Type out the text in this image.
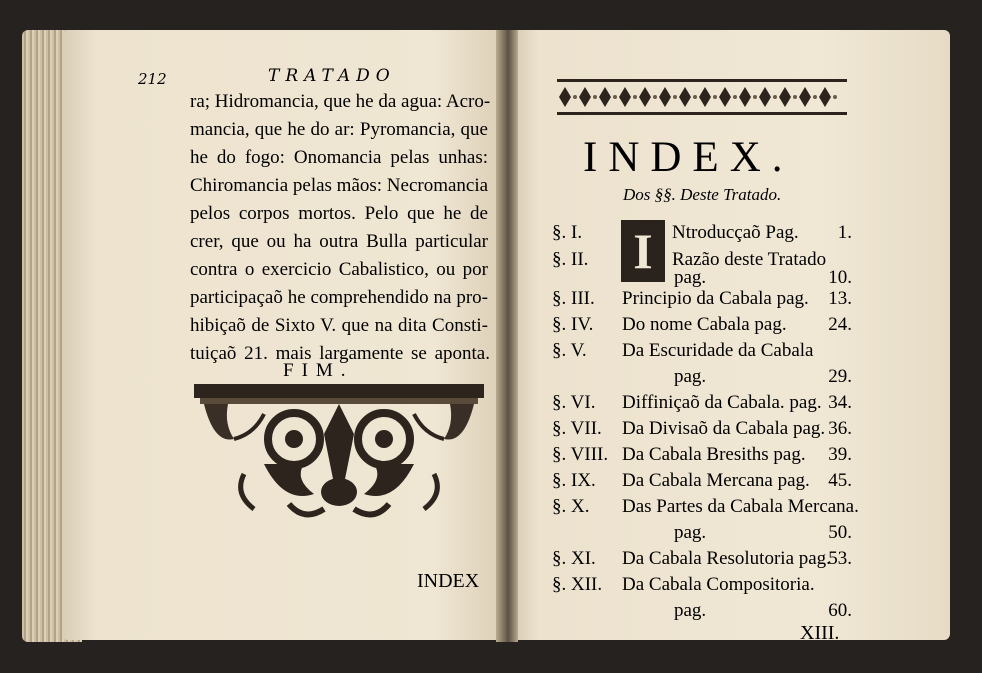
212	TRATADO
ra; Hidromancia, que he da agua: Acro-
mancia, que he do ar: Pyromancia, que
he do fogo: Onomancia pelas unhas:
Chiromancia pelas mãos: Necromancia
pelos corpos mortos. Pelo que he de
crer, que ou ha outra Bulla particular
contra o exercicio Cabalistico, ou por
participaçaõ he comprehendido na pro-
hibiçaõ de Sixto V. que na dita Consti-
tuiçaõ 21. mais largamente se aponta.
FIM.
INDEX
INDEX.
Dos §§. Deste Tratado.
I
§. I.	Ntroducçaõ Pag. 1.
§. II.	Razão deste Tratado
pag.	10.
§. III. Principio da Cabala pag. 13.
§. IV. Do nome Cabala pag. 24.
§. V. Da Escuridade da Cabala
pag.	29.
§. VI. Diffiniçaõ da Cabala. pag. 34.
§. VII. Da Divisaõ da Cabala pag. 36.
§. VIII. Da Cabala Bresiths pag. 39.
§. IX. Da Cabala Mercana pag. 45.
§. X. Das Partes da Cabala Mercana.
pag.	50.
§. XI. Da Cabala Resolutoria pag.
53.
§. XII. Da Cabala Compositoria.
pag.	60.
XIII.
